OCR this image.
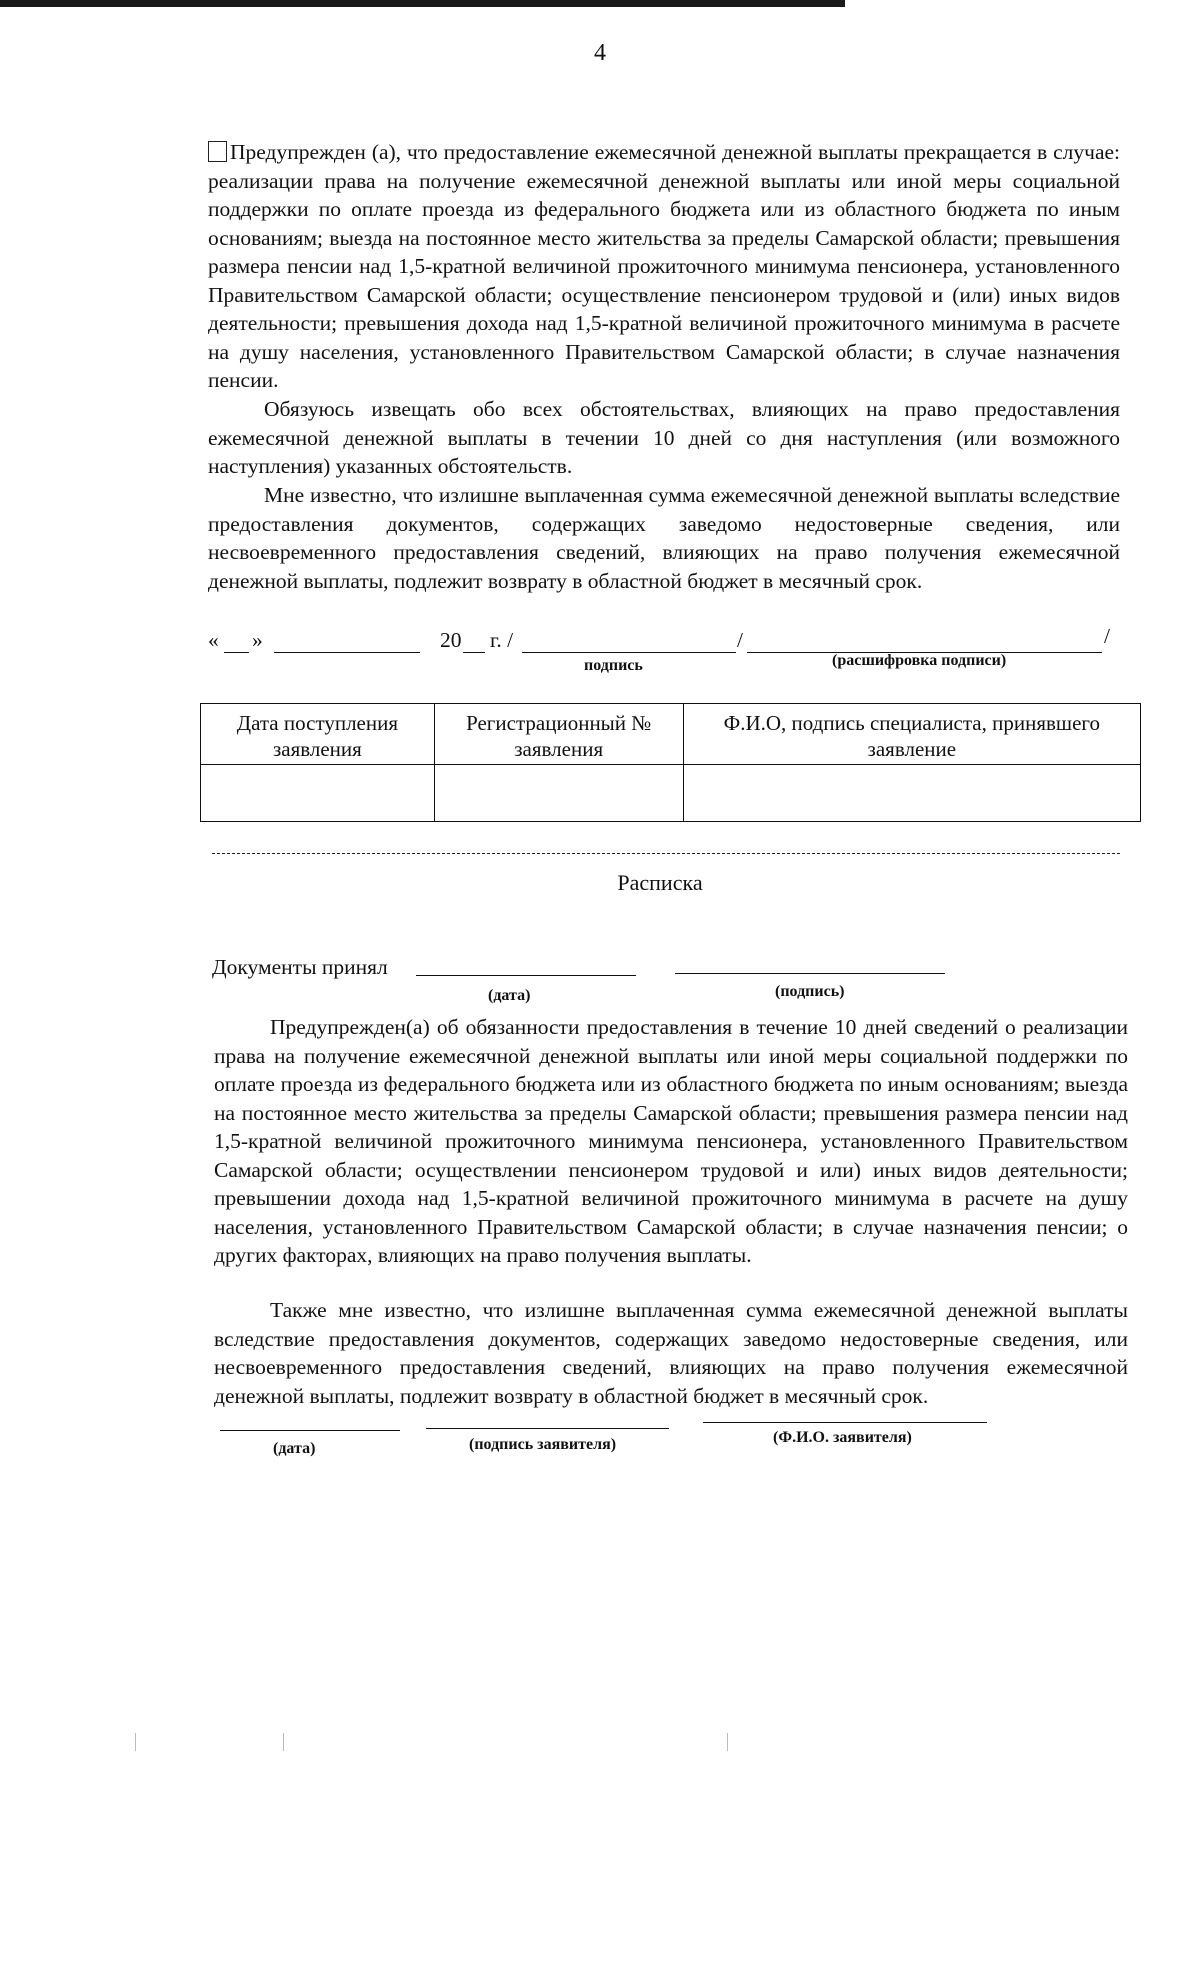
4

Предупрежден (а), что предоставление ежемесячной денежной выплаты прекращается в случае: реализации права на получение ежемесячной денежной выплаты или иной меры социальной поддержки по оплате проезда из федерального бюджета или из областного бюджета по иным основаниям; выезда на постоянное место жительства за пределы Самарской области; превышения размера пенсии над 1,5-кратной величиной прожиточного минимума пенсионера, установленного Правительством Самарской области; осуществление пенсионером трудовой и (или) иных видов деятельности; превышения дохода над 1,5-кратной величиной прожиточного минимума в расчете на душу населения, установленного Правительством Самарской области; в случае назначения пенсии.

Обязуюсь извещать обо всех обстоятельствах, влияющих на право предоставления ежемесячной денежной выплаты в течении 10 дней со дня наступления (или возможного наступления) указанных обстоятельств.

Мне известно, что излишне выплаченная сумма ежемесячной денежной выплаты вследствие предоставления документов, содержащих заведомо недостоверные сведения, или несвоевременного предоставления сведений, влияющих на право получения ежемесячной денежной выплаты, подлежит возврату в областной бюджет в месячный срок.

« »	20 г. /	/	/
подпись	(расшифровка подписи)
Дата поступления заявления	Регистрационный № заявления	Ф.И.О, подпись специалиста, принявшего заявление

Расписка
Документы принял
(дата)	(подпись)

Предупрежден(а) об обязанности предоставления в течение 10 дней сведений о реализации права на получение ежемесячной денежной выплаты или иной меры социальной поддержки по оплате проезда из федерального бюджета или из областного бюджета по иным основаниям; выезда на постоянное место жительства за пределы Самарской области; превышения размера пенсии над 1,5-кратной величиной прожиточного минимума пенсионера, установленного Правительством Самарской области; осуществлении пенсионером трудовой и или) иных видов деятельности; превышении дохода над 1,5-кратной величиной прожиточного минимума в расчете на душу населения, установленного Правительством Самарской области; в случае назначения пенсии; о других факторах, влияющих на право получения выплаты.

Также мне известно, что излишне выплаченная сумма ежемесячной денежной выплаты вследствие предоставления документов, содержащих заведомо недостоверные сведения, или несвоевременного предоставления сведений, влияющих на право получения ежемесячной денежной выплаты, подлежит возврату в областной бюджет в месячный срок.

(дата)	(подпись заявителя)	(Ф.И.О. заявителя)
